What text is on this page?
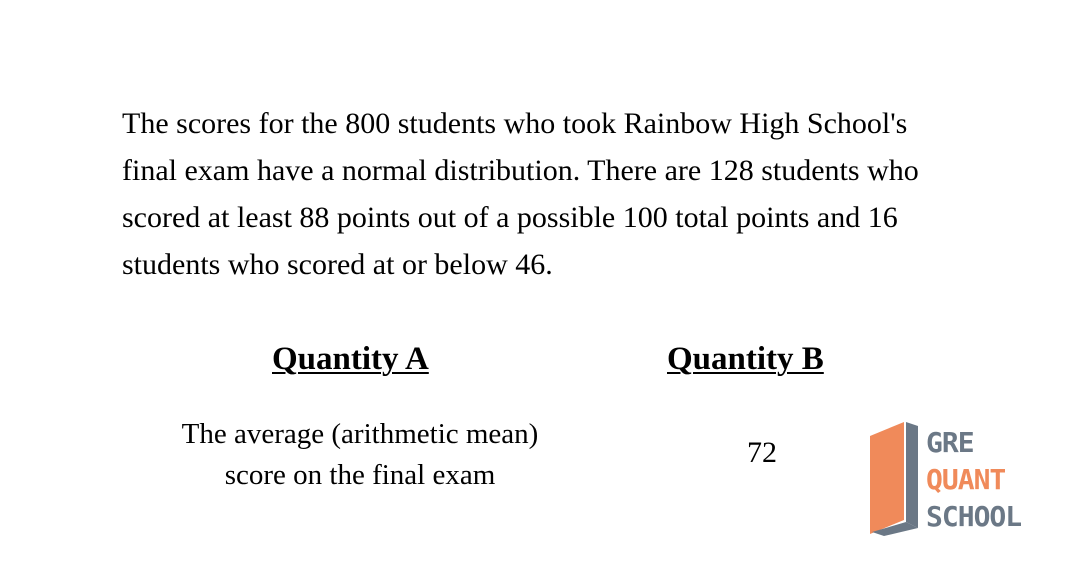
The scores for the 800 students who took Rainbow High School's
final exam have a normal distribution. There are 128 students who
scored at least 88 points out of a possible 100 total points and 16
students who scored at or below 46.
Quantity A	Quantity B
The average (arithmetic mean)
score on the final exam
72	GRE
QUANT
SCHOOL
